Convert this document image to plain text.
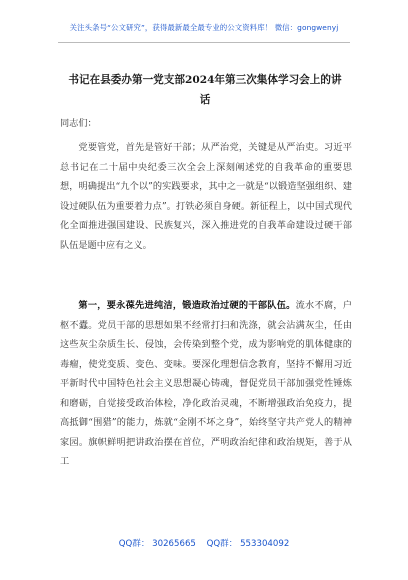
关注头条号“公文研究”，获得最新最全最专业的公文资料库！ 微信：gongwenyj
书记在县委办第一党支部2024年第三次集体学习会上的讲话
同志们：
党要管党，首先是管好干部；从严治党，关键是从严治吏。习近平总书记在二十届中央纪委三次全会上深刻阐述党的自我革命的重要思想，明确提出“九个以”的实践要求，其中之一就是“以锻造坚强组织、建设过硬队伍为重要着力点”。打铁必须自身硬。新征程上，以中国式现代化全面推进强国建设、民族复兴，深入推进党的自我革命建设过硬干部队伍是题中应有之义。
第一，要永葆先进纯洁，锻造政治过硬的干部队伍。流水不腐，户枢不蠹。党员干部的思想如果不经常打扫和洗涤，就会沾满灰尘，任由这些灰尘杂质生长、侵蚀，会传染到整个党，成为影响党的肌体健康的毒瘤，使党变质、变色、变味。要深化理想信念教育，坚持不懈用习近平新时代中国特色社会主义思想凝心铸魂，督促党员干部加强党性锤炼和磨砺，自觉接受政治体检，净化政治灵魂，不断增强政治免疫力，提高抵御“围猎”的能力，炼就“金刚不坏之身”，始终坚守共产党人的精神家园。旗帜鲜明把讲政治摆在首位，严明政治纪律和政治规矩，善于从工
QQ群： 30265665 QQ群： 553304092
